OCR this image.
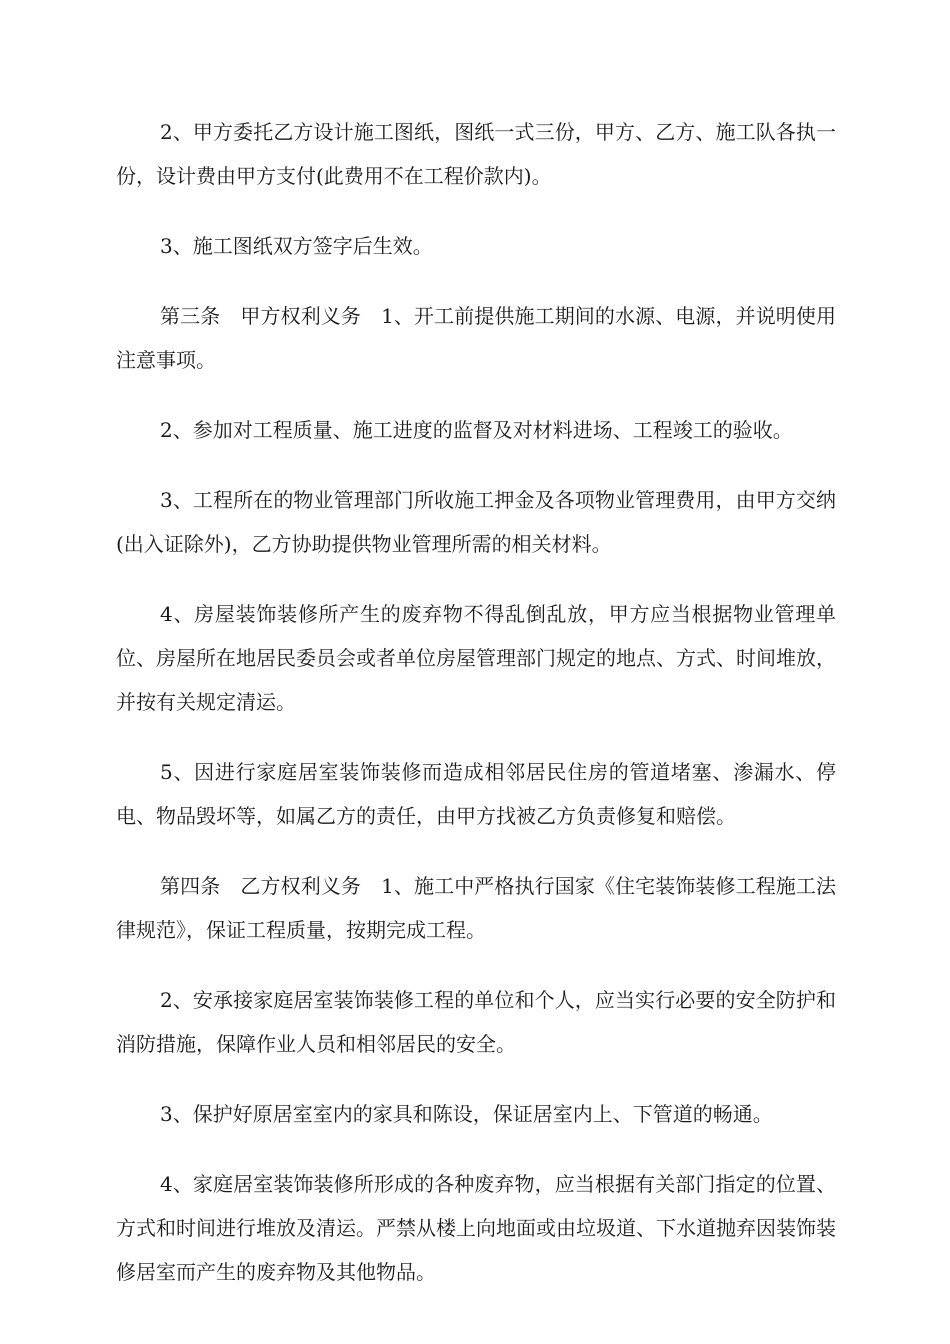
2、甲方委托乙方设计施工图纸，图纸一式三份，甲方、乙方、施工队各执一份，设计费由甲方支付(此费用不在工程价款内)。

3、施工图纸双方签字后生效。

第三条　甲方权利义务　1、开工前提供施工期间的水源、电源，并说明使用注意事项。

2、参加对工程质量、施工进度的监督及对材料进场、工程竣工的验收。

3、工程所在的物业管理部门所收施工押金及各项物业管理费用，由甲方交纳(出入证除外)，乙方协助提供物业管理所需的相关材料。

4、房屋装饰装修所产生的废弃物不得乱倒乱放，甲方应当根据物业管理单位、房屋所在地居民委员会或者单位房屋管理部门规定的地点、方式、时间堆放，并按有关规定清运。

5、因进行家庭居室装饰装修而造成相邻居民住房的管道堵塞、渗漏水、停电、物品毁坏等，如属乙方的责任，由甲方找被乙方负责修复和赔偿。

第四条　乙方权利义务　1、施工中严格执行国家《住宅装饰装修工程施工法律规范》，保证工程质量，按期完成工程。

2、安承接家庭居室装饰装修工程的单位和个人，应当实行必要的安全防护和消防措施，保障作业人员和相邻居民的安全。

3、保护好原居室室内的家具和陈设，保证居室内上、下管道的畅通。

4、家庭居室装饰装修所形成的各种废弃物，应当根据有关部门指定的位置、方式和时间进行堆放及清运。严禁从楼上向地面或由垃圾道、下水道抛弃因装饰装修居室而产生的废弃物及其他物品。
